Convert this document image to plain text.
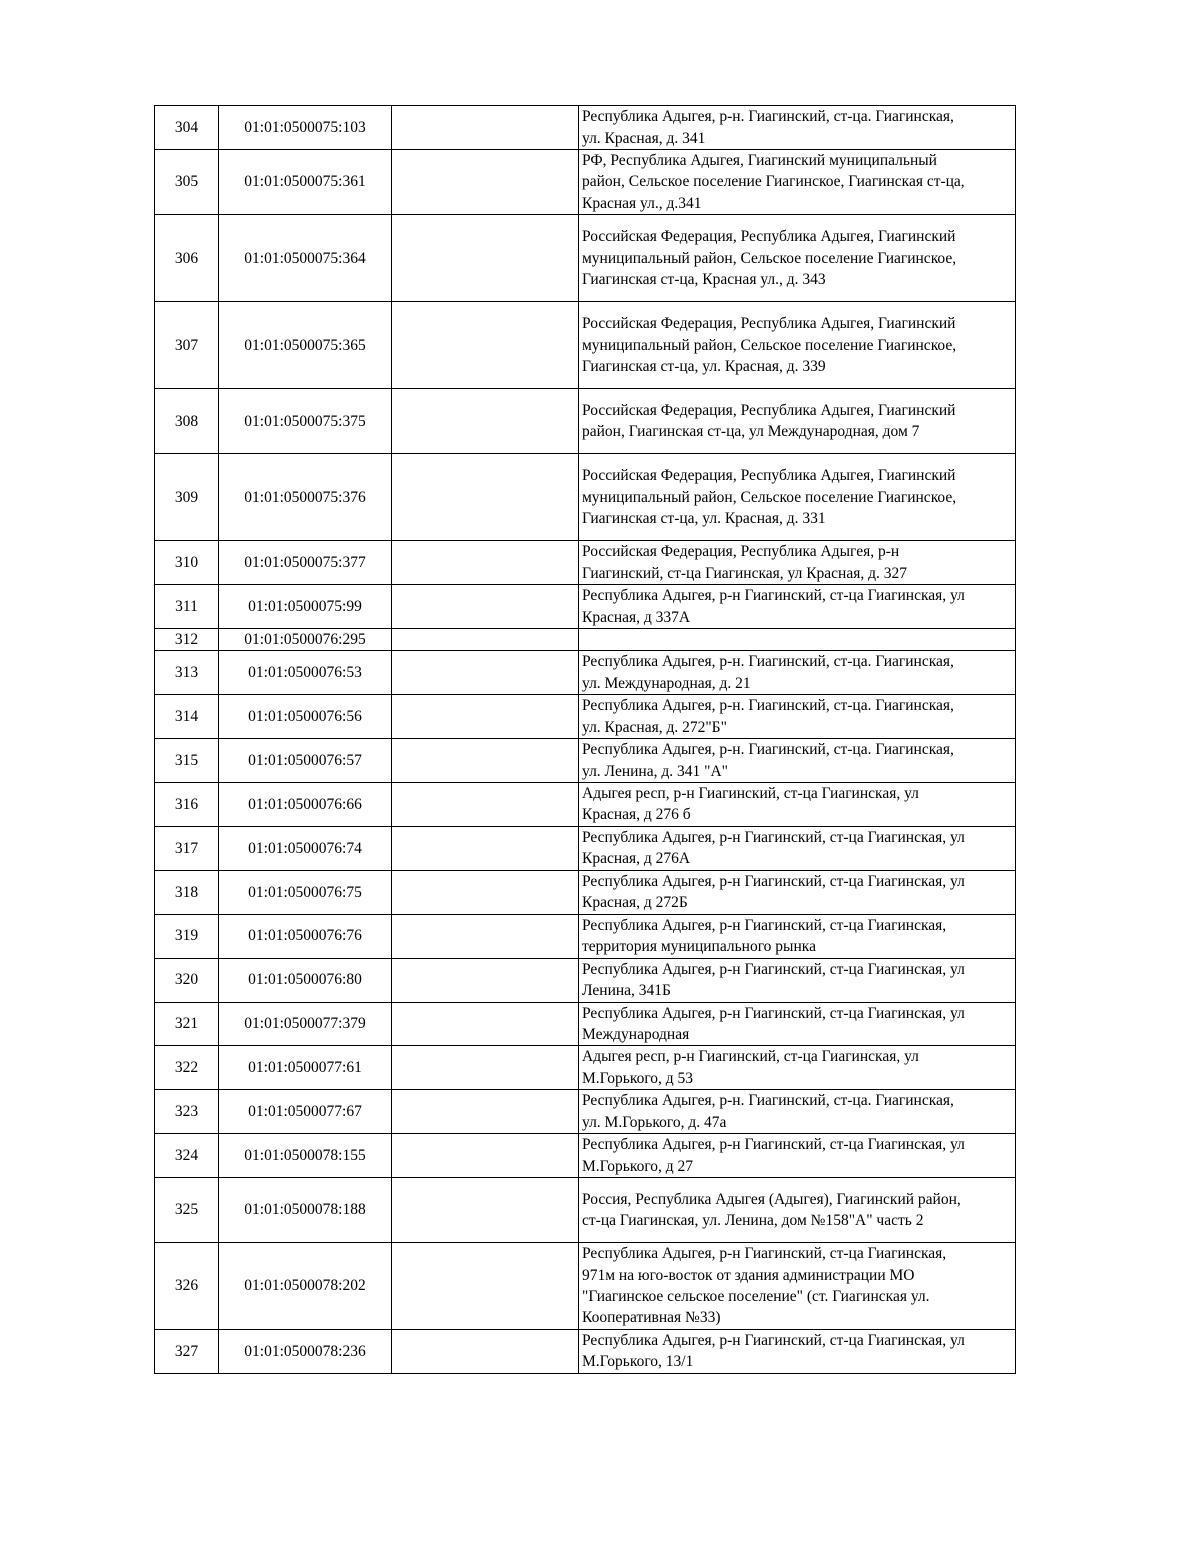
304	01:01:0500075:103		Республика Адыгея, р-н. Гиагинский, ст-ца. Гиагинская,
ул. Красная, д. 341
305	01:01:0500075:361		РФ, Республика Адыгея, Гиагинский муниципальный
район, Сельское поселение Гиагинское, Гиагинская ст-ца,
Красная ул., д.341
306	01:01:0500075:364		Российская Федерация, Республика Адыгея, Гиагинский
муниципальный район, Сельское поселение Гиагинское,
Гиагинская ст-ца, Красная ул., д. 343
307	01:01:0500075:365		Российская Федерация, Республика Адыгея, Гиагинский
муниципальный район, Сельское поселение Гиагинское,
Гиагинская ст-ца, ул. Красная, д. 339
308	01:01:0500075:375		Российская Федерация, Республика Адыгея, Гиагинский
район, Гиагинская ст-ца, ул Международная, дом 7
309	01:01:0500075:376		Российская Федерация, Республика Адыгея, Гиагинский
муниципальный район, Сельское поселение Гиагинское,
Гиагинская ст-ца, ул. Красная, д. 331
310	01:01:0500075:377		Российская Федерация, Республика Адыгея, р-н
Гиагинский, ст-ца Гиагинская, ул Красная, д. 327
311	01:01:0500075:99		Республика Адыгея, р-н Гиагинский, ст-ца Гиагинская, ул
Красная, д 337А
312	01:01:0500076:295		
313	01:01:0500076:53		Республика Адыгея, р-н. Гиагинский, ст-ца. Гиагинская,
ул. Международная, д. 21
314	01:01:0500076:56		Республика Адыгея, р-н. Гиагинский, ст-ца. Гиагинская,
ул. Красная, д. 272"Б"
315	01:01:0500076:57		Республика Адыгея, р-н. Гиагинский, ст-ца. Гиагинская,
ул. Ленина, д. 341 "А"
316	01:01:0500076:66		Адыгея респ, р-н Гиагинский, ст-ца Гиагинская, ул
Красная, д 276 б
317	01:01:0500076:74		Республика Адыгея, р-н Гиагинский, ст-ца Гиагинская, ул
Красная, д 276А
318	01:01:0500076:75		Республика Адыгея, р-н Гиагинский, ст-ца Гиагинская, ул
Красная, д 272Б
319	01:01:0500076:76		Республика Адыгея, р-н Гиагинский, ст-ца Гиагинская,
территория муниципального рынка
320	01:01:0500076:80		Республика Адыгея, р-н Гиагинский, ст-ца Гиагинская, ул
Ленина, 341Б
321	01:01:0500077:379		Республика Адыгея, р-н Гиагинский, ст-ца Гиагинская, ул
Международная
322	01:01:0500077:61		Адыгея респ, р-н Гиагинский, ст-ца Гиагинская, ул
М.Горького, д 53
323	01:01:0500077:67		Республика Адыгея, р-н. Гиагинский, ст-ца. Гиагинская,
ул. М.Горького, д. 47а
324	01:01:0500078:155		Республика Адыгея, р-н Гиагинский, ст-ца Гиагинская, ул
М.Горького, д 27
325	01:01:0500078:188		Россия, Республика Адыгея (Адыгея), Гиагинский район,
ст-ца Гиагинская, ул. Ленина, дом №158"А" часть 2
326	01:01:0500078:202		Республика Адыгея, р-н Гиагинский, ст-ца Гиагинская,
971м на юго-восток от здания администрации МО
"Гиагинское сельское поселение" (ст. Гиагинская ул.
Кооперативная №33)
327	01:01:0500078:236		Республика Адыгея, р-н Гиагинский, ст-ца Гиагинская, ул
М.Горького, 13/1
